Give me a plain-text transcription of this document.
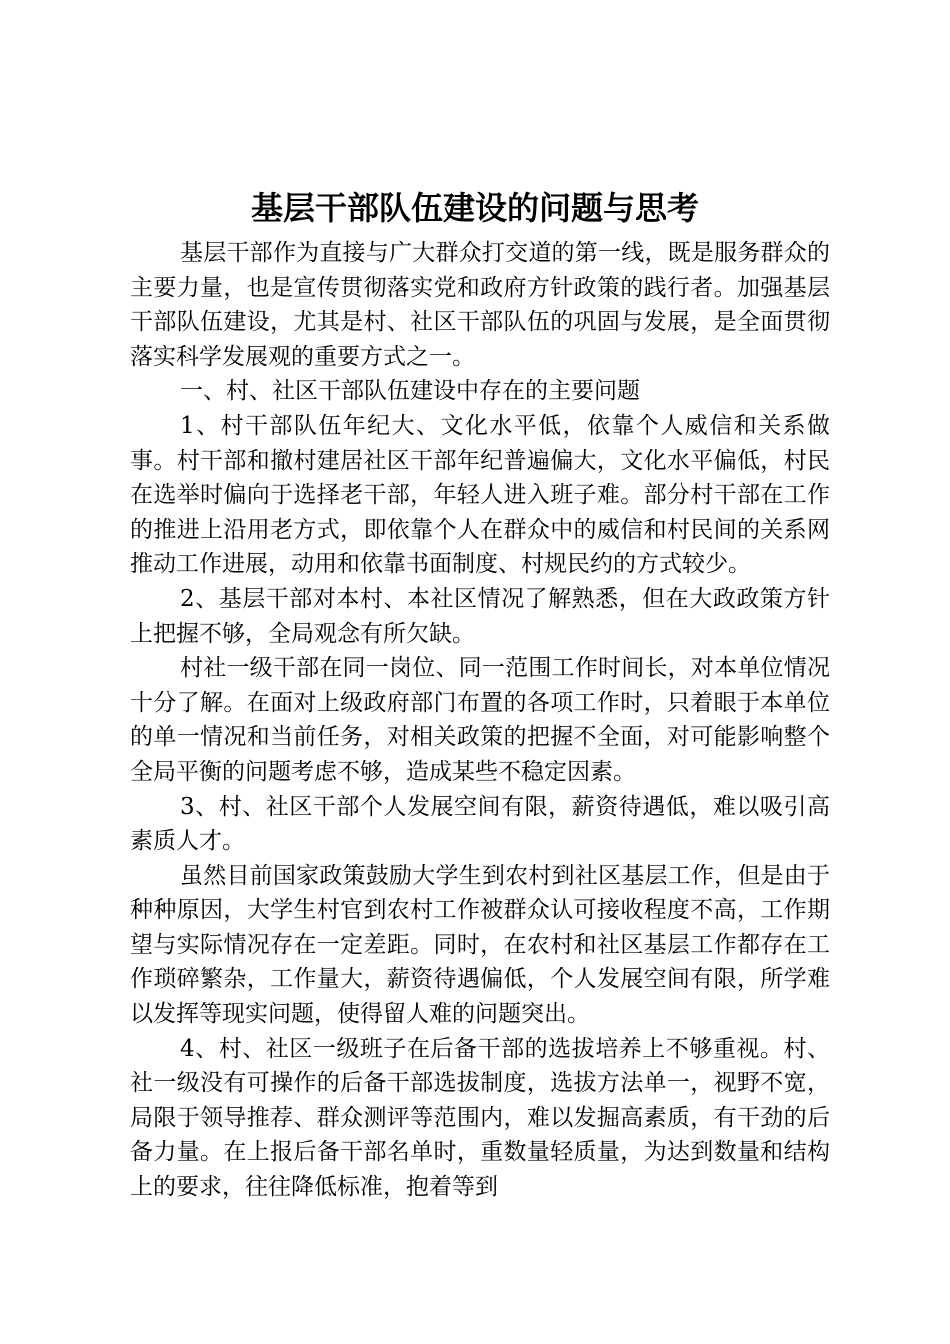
基层干部队伍建设的问题与思考

基层干部作为直接与广大群众打交道的第一线，既是服务群众的主要力量，也是宣传贯彻落实党和政府方针政策的践行者。加强基层干部队伍建设，尤其是村、社区干部队伍的巩固与发展，是全面贯彻落实科学发展观的重要方式之一。

一、村、社区干部队伍建设中存在的主要问题

1、村干部队伍年纪大、文化水平低，依靠个人威信和关系做事。村干部和撤村建居社区干部年纪普遍偏大，文化水平偏低，村民在选举时偏向于选择老干部，年轻人进入班子难。部分村干部在工作的推进上沿用老方式，即依靠个人在群众中的威信和村民间的关系网推动工作进展，动用和依靠书面制度、村规民约的方式较少。

2、基层干部对本村、本社区情况了解熟悉，但在大政政策方针上把握不够，全局观念有所欠缺。

村社一级干部在同一岗位、同一范围工作时间长，对本单位情况十分了解。在面对上级政府部门布置的各项工作时，只着眼于本单位的单一情况和当前任务，对相关政策的把握不全面，对可能影响整个全局平衡的问题考虑不够，造成某些不稳定因素。

3、村、社区干部个人发展空间有限，薪资待遇低，难以吸引高素质人才。

虽然目前国家政策鼓励大学生到农村到社区基层工作，但是由于种种原因，大学生村官到农村工作被群众认可接收程度不高，工作期望与实际情况存在一定差距。同时，在农村和社区基层工作都存在工作琐碎繁杂，工作量大，薪资待遇偏低，个人发展空间有限，所学难以发挥等现实问题，使得留人难的问题突出。

4、村、社区一级班子在后备干部的选拔培养上不够重视。村、社一级没有可操作的后备干部选拔制度，选拔方法单一，视野不宽，局限于领导推荐、群众测评等范围内，难以发掘高素质，有干劲的后备力量。在上报后备干部名单时，重数量轻质量，为达到数量和结构上的要求，往往降低标准，抱着等到
